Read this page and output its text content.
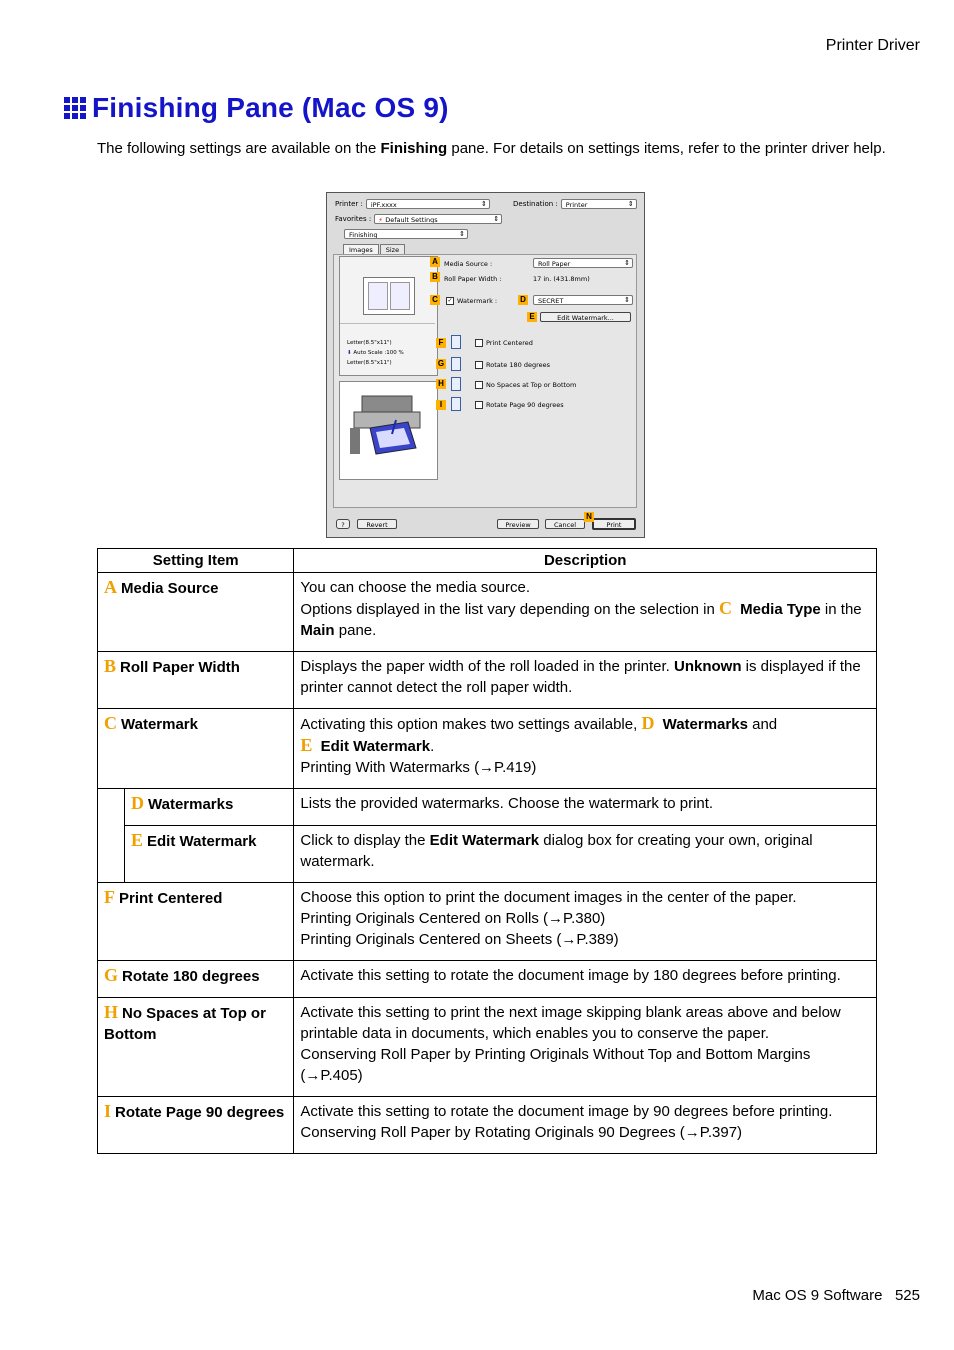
Printer Driver
Finishing Pane (Mac OS 9)
The following settings are available on the Finishing pane. For details on settings items, refer to the printer driver help.
Printer :	iPF.xxxx ⇕	Destination :	Printer ⇕
Favorites : ⚡ Default Settings ⇕
Finishing ⇕
Images	Size
Letter(8.5"x11")
⬇ Auto Scale :100 %
Letter(8.5"x11")
Media Source :	Roll Paper ⇕
Roll Paper Width :	17 in. (431.8mm)
✓ Watermark :	SECRET ⇕
Edit Watermark...
Print Centered
Rotate 180 degrees
No Spaces at Top or Bottom
Rotate Page 90 degrees
?	Revert	Preview	Cancel	Print
A
B
C	D
E
F
G
H
I
N
Setting Item		Description
A Media Source		You can choose the media source.
Options displayed in the list vary depending on the selection in C Media Type in the Main pane.

B Roll Paper Width		Displays the paper width of the roll loaded in the printer. Unknown is displayed if the printer cannot detect the roll paper width.
C Watermark		Activating this option makes two settings available, D Watermarks and
E Edit Watermark.
Printing With Watermarks (→P.419)

	D Watermarks	Lists the provided watermarks. Choose the watermark to print.
	E Edit Watermark	Click to display the Edit Watermark dialog box for creating your own, original watermark.
F Print Centered		Choose this option to print the document images in the center of the paper.
Printing Originals Centered on Rolls (→P.380)
Printing Originals Centered on Sheets (→P.389)

G Rotate 180 degrees		Activate this setting to rotate the document image by 180 degrees before printing.
H No Spaces at Top or Bottom		Activate this setting to print the next image skipping blank areas above and below printable data in documents, which enables you to conserve the paper.
Conserving Roll Paper by Printing Originals Without Top and Bottom Margins (→P.405)

I Rotate Page 90 degrees		Activate this setting to rotate the document image by 90 degrees before printing.
Conserving Roll Paper by Rotating Originals 90 Degrees (→P.397)
Mac OS 9 Software 525
